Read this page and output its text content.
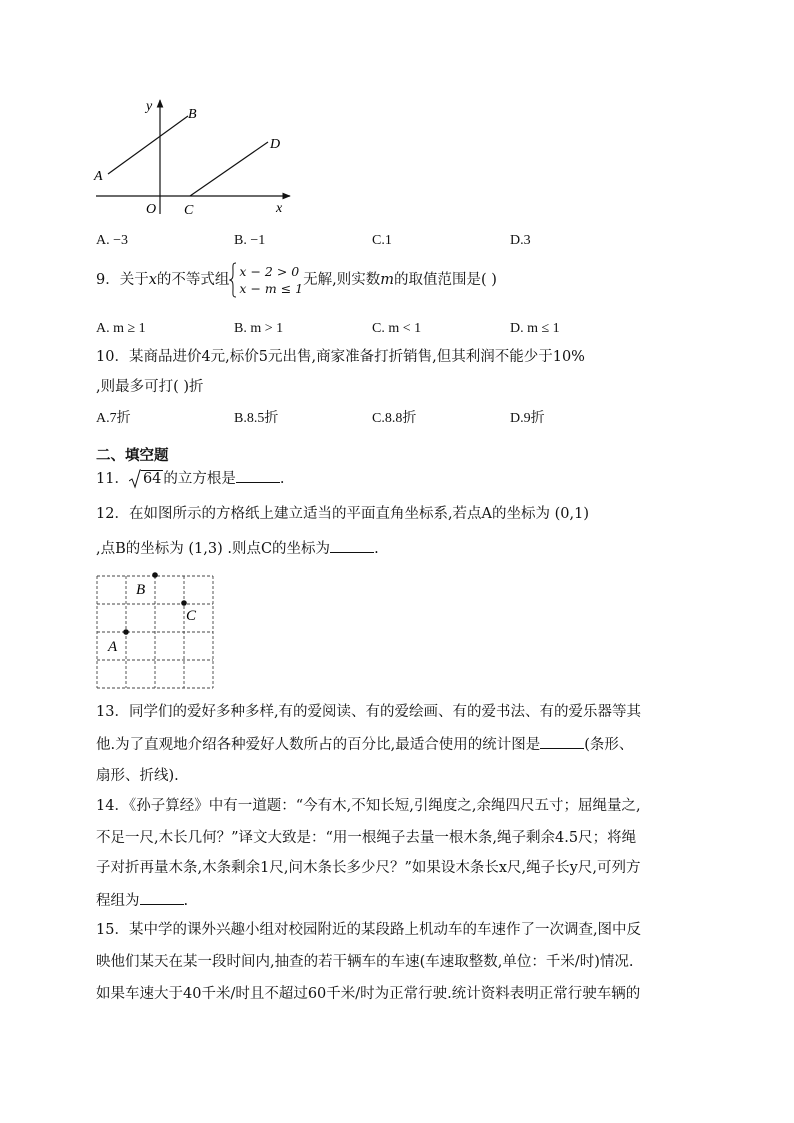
y
B
D
A
O C	x
A. −3	B. −1	C.1	D.3
9．关于x的不等式组x − 2 > 0
x − m ≤ 1无解,则实数m的取值范围是( )
A. m ≥ 1	B. m > 1	C. m < 1	D. m ≤ 1
10．某商品进价4元,标价5元出售,商家准备打折销售,但其利润不能少于10%
,则最多可打( )折
A.7折	B.8.5折	C.8.8折	D.9折
二、填空题
11． 64 的立方根是	.
12．在如图所示的方格纸上建立适当的平面直角坐标系,若点A的坐标为 (0,1)
,点B的坐标为 (1,3) .则点C的坐标为	.
B
C
A
13．同学们的爱好多种多样,有的爱阅读、有的爱绘画、有的爱书法、有的爱乐器等其
他.为了直观地介绍各种爱好人数所占的百分比,最适合使用的统计图是	(条形、
扇形、折线).
14．《孙子算经》中有一道题：“今有木,不知长短,引绳度之,余绳四尺五寸；屈绳量之,
不足一尺,木长几何？”译文大致是：“用一根绳子去量一根木条,绳子剩余4.5尺；将绳
子对折再量木条,木条剩余1尺,问木条长多少尺？”如果设木条长x尺,绳子长y尺,可列方
程组为	.
15．某中学的课外兴趣小组对校园附近的某段路上机动车的车速作了一次调查,图中反
映他们某天在某一段时间内,抽查的若干辆车的车速(车速取整数,单位：千米/时)情况.
如果车速大于40千米/时且不超过60千米/时为正常行驶.统计资料表明正常行驶车辆的
